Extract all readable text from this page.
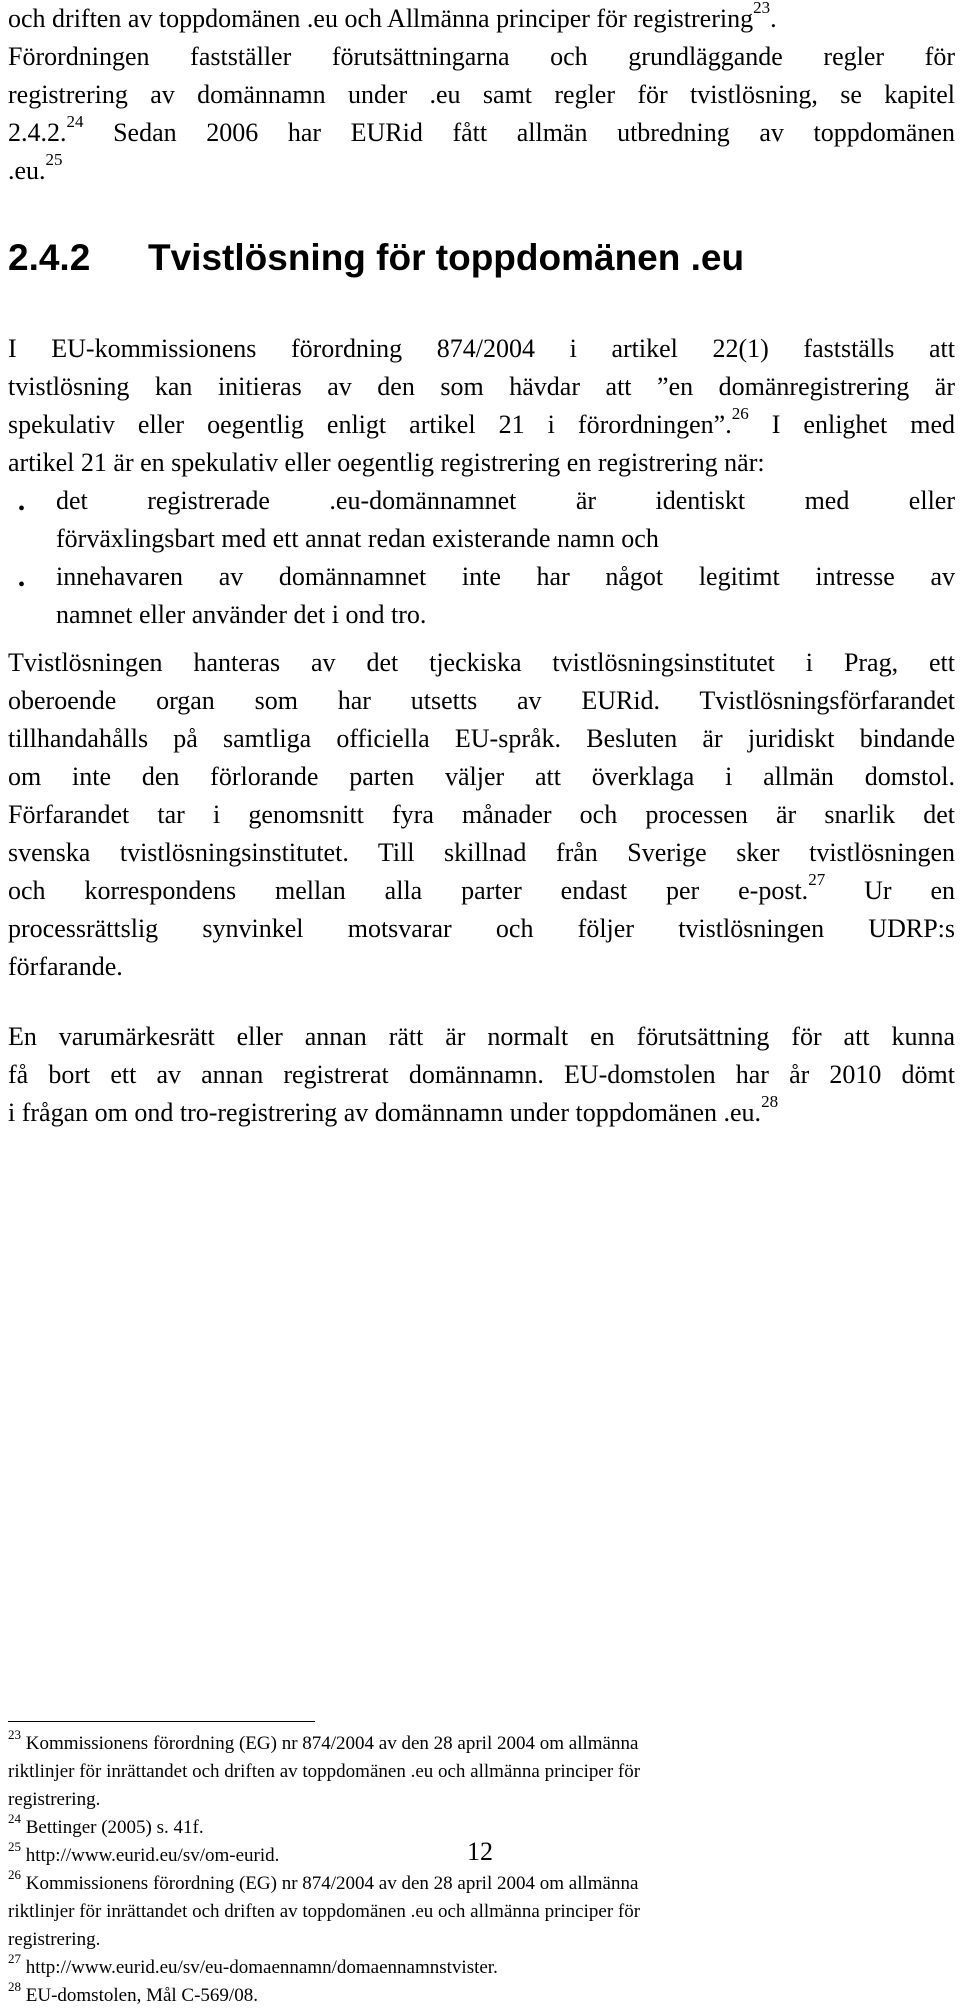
och driften av toppdomänen .eu och Allmänna principer för registrering$^{23}$.
Förordningen fastställer förutsättningarna och grundläggande regler för
registrering av domännamn under .eu samt regler för tvistlösning, se kapitel
2.4.2.24 Sedan 2006 har EURid fått allmän utbredning av toppdomänen
.eu.$^{25}$
2.4.2 Tvistlösning för toppdomänen .eu
I EU-kommissionens förordning 874/2004 i artikel 22(1) fastställs att
tvistlösning kan initieras av den som hävdar att ”en domänregistrering är
spekulativ eller oegentlig enligt artikel 21 i förordningen”.$^{26}$ I enlighet med
artikel 21 är en spekulativ eller oegentlig registrering en registrering när:
• det registrerade .eu-domännamnet är identiskt med eller
förväxlingsbart med ett annat redan existerande namn och
• innehavaren av domännamnet inte har något legitimt intresse av
namnet eller använder det i ond tro.
Tvistlösningen hanteras av det tjeckiska tvistlösningsinstitutet i Prag, ett
oberoende organ som har utsetts av EURid. Tvistlösningsförfarandet
tillhandahålls på samtliga officiella EU-språk. Besluten är juridiskt bindande
om inte den förlorande parten väljer att överklaga i allmän domstol.
Förfarandet tar i genomsnitt fyra månader och processen är snarlik det
svenska tvistlösningsinstitutet. Till skillnad från Sverige sker tvistlösningen
och korrespondens mellan alla parter endast per e-post.$^{27}$ Ur en
processrättslig synvinkel motsvarar och följer tvistlösningen UDRP:s
förfarande.
En varumärkesrätt eller annan rätt är normalt en förutsättning för att kunna
få bort ett av annan registrerat domännamn. EU-domstolen har år 2010 dömt
i frågan om ond tro-registrering av domännamn under toppdomänen .eu.$^{28}$
$^{23}$ Kommissionens förordning (EG) nr 874/2004 av den 28 april 2004 om allmänna
riktlinjer för inrättandet och driften av toppdomänen .eu och allmänna principer för
registrering.
$^{24}$ Bettinger (2005) s. 41f.
$^{25}$ http://www.eurid.eu/sv/om-eurid.
$^{26}$ Kommissionens förordning (EG) nr 874/2004 av den 28 april 2004 om allmänna
riktlinjer för inrättandet och driften av toppdomänen .eu och allmänna principer för
registrering.
$^{27}$ http://www.eurid.eu/sv/eu-domaennamn/domaennamnstvister.
$^{28}$ EU-domstolen, Mål C-569/08.
12
